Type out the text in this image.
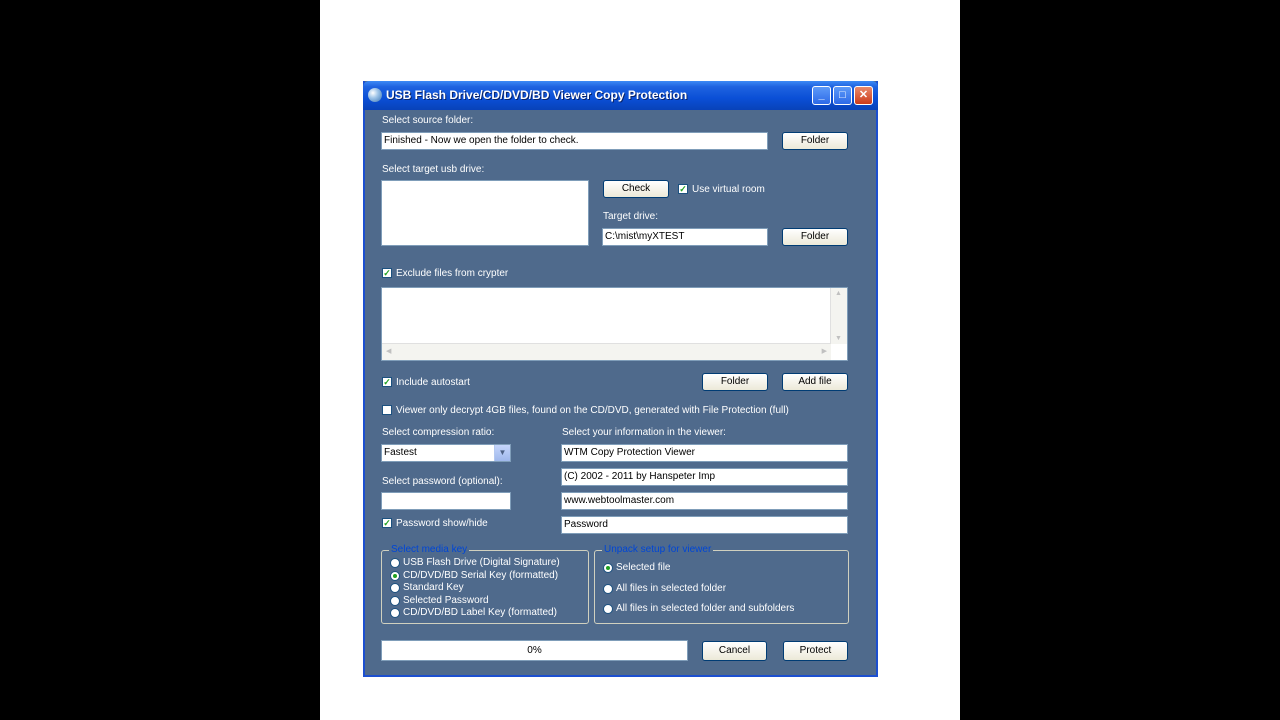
USB Flash Drive/CD/DVD/BD Viewer Copy Protection	_	□	✕
Select source folder:
Finished - Now we open the folder to check.	Folder
Select target usb drive:
Check	✓ Use virtual room
Target drive:
C:\mist\myXTEST	Folder
✓ Exclude files from crypter
▲
▼
◀	▶
✓ Include autostart	Folder	Add file
Viewer only decrypt 4GB files, found on the CD/DVD, generated with File Protection (full)
Select compression ratio:
Fastest	▼
Select password (optional):
✓ Password show/hide
Select your information in the viewer:
WTM Copy Protection Viewer
(C) 2002 - 2011 by Hanspeter Imp
www.webtoolmaster.com
Password
Select media key
USB Flash Drive (Digital Signature)
CD/DVD/BD Serial Key (formatted)
Standard Key
Selected Password
CD/DVD/BD Label Key (formatted)
Unpack setup for viewer
Selected file
All files in selected folder
All files in selected folder and subfolders
0%	Cancel	Protect
